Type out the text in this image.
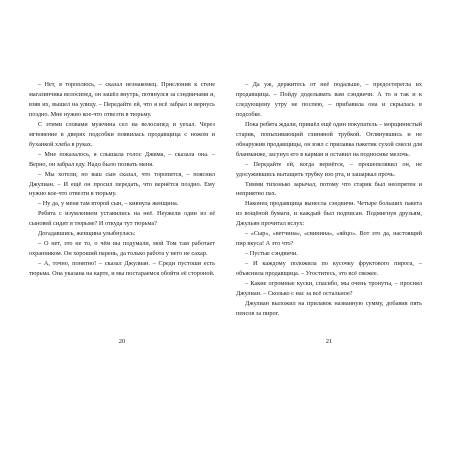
– Нет, я тороплюсь, – сказал незнакомец. Прислонив к стене магазинчика велосипед, он зашёл внутрь, потянулся за сэндвичами и, взяв их, вышел на улицу. – Передайте ей, что я всё забрал и вернусь поздно. Мне нужно кое-что отвезти в тюрьму.

С этими словами мужчина сел на велосипед и уехал. Через мгновение в дверях подсобки появилась продавщица с ножом и буханкой хлеба в руках.

– Мне показалось, я слышала голос Джима, – сказала она. – Верно, он забрал еду. Надо было позвать меня.

– Мы хотели, но ваш сын сказал, что торопится, – пояснил Джулиан. – И ещё он просил передать, что вернётся поздно. Ему нужно кое-что отвезти в тюрьму.

– Ну да, у меня там второй сын, – кивнула женщина.

Ребята с изумлением уставились на неё. Неужели один из её сыновей сидит в тюрьме? И откуда тут тюрьма?

Догадавшись, женщина улыбнулась:

– О нет, это не то, о чём вы подумали, мой Том там работает охранником. Он хороший парень, да только работа у него не сахар.

– А, точно, понятно! – сказал Джулиан. – Среди пустоши есть тюрьма. Она указана на карте, и мы постараемся обойти её стороной.

20

– Да уж, держитесь от неё подальше, – предостерегла их продавщица. – Пойду доделывать вам сэндвичи. А то я так и к следующему утру не поспею, – прибавила она и скрылась в подсобке.

Пока ребята ждали, пришёл ещё один покупатель – морщинистый старик, попыхивающий глиняной трубкой. Оглянувшись и не обнаружив продавщицы, он взял с прилавка пакетик сухой смеси для бланманже, засунул его в карман и оставил на подносике мелочь.

– Передайте ей, когда вернётся, – прошепелявил он, не удосужившись вытащить трубку изо рта, и зашаркал прочь.

Тимми тихонько зарычал, потому что старик был неопрятен и неприятно пах.

Наконец продавщица вынесла сэндвичи. Четыре больших пакета из вощёной бумаги, и каждый был подписан. Подмигнув друзьям, Джульян прочитал вслух:

– «Сыр», «ветчина», «свинина», «яйцо». Вот это да, настоящий пир вкуса! А это что?

– Пустые сэндвичи.

– И каждому положила по кусочку фруктового пирога, – объяснила продавщица. – Угоститесь, это всё свежее.

– Какие огромные куски, спасибо, мы очень тронуты, – просиял Джулиан. – Сколько с нас за всё остальное?

Джулиан выложил на прилавок названную сумму, добавив пять пенсов за пирог.

21
